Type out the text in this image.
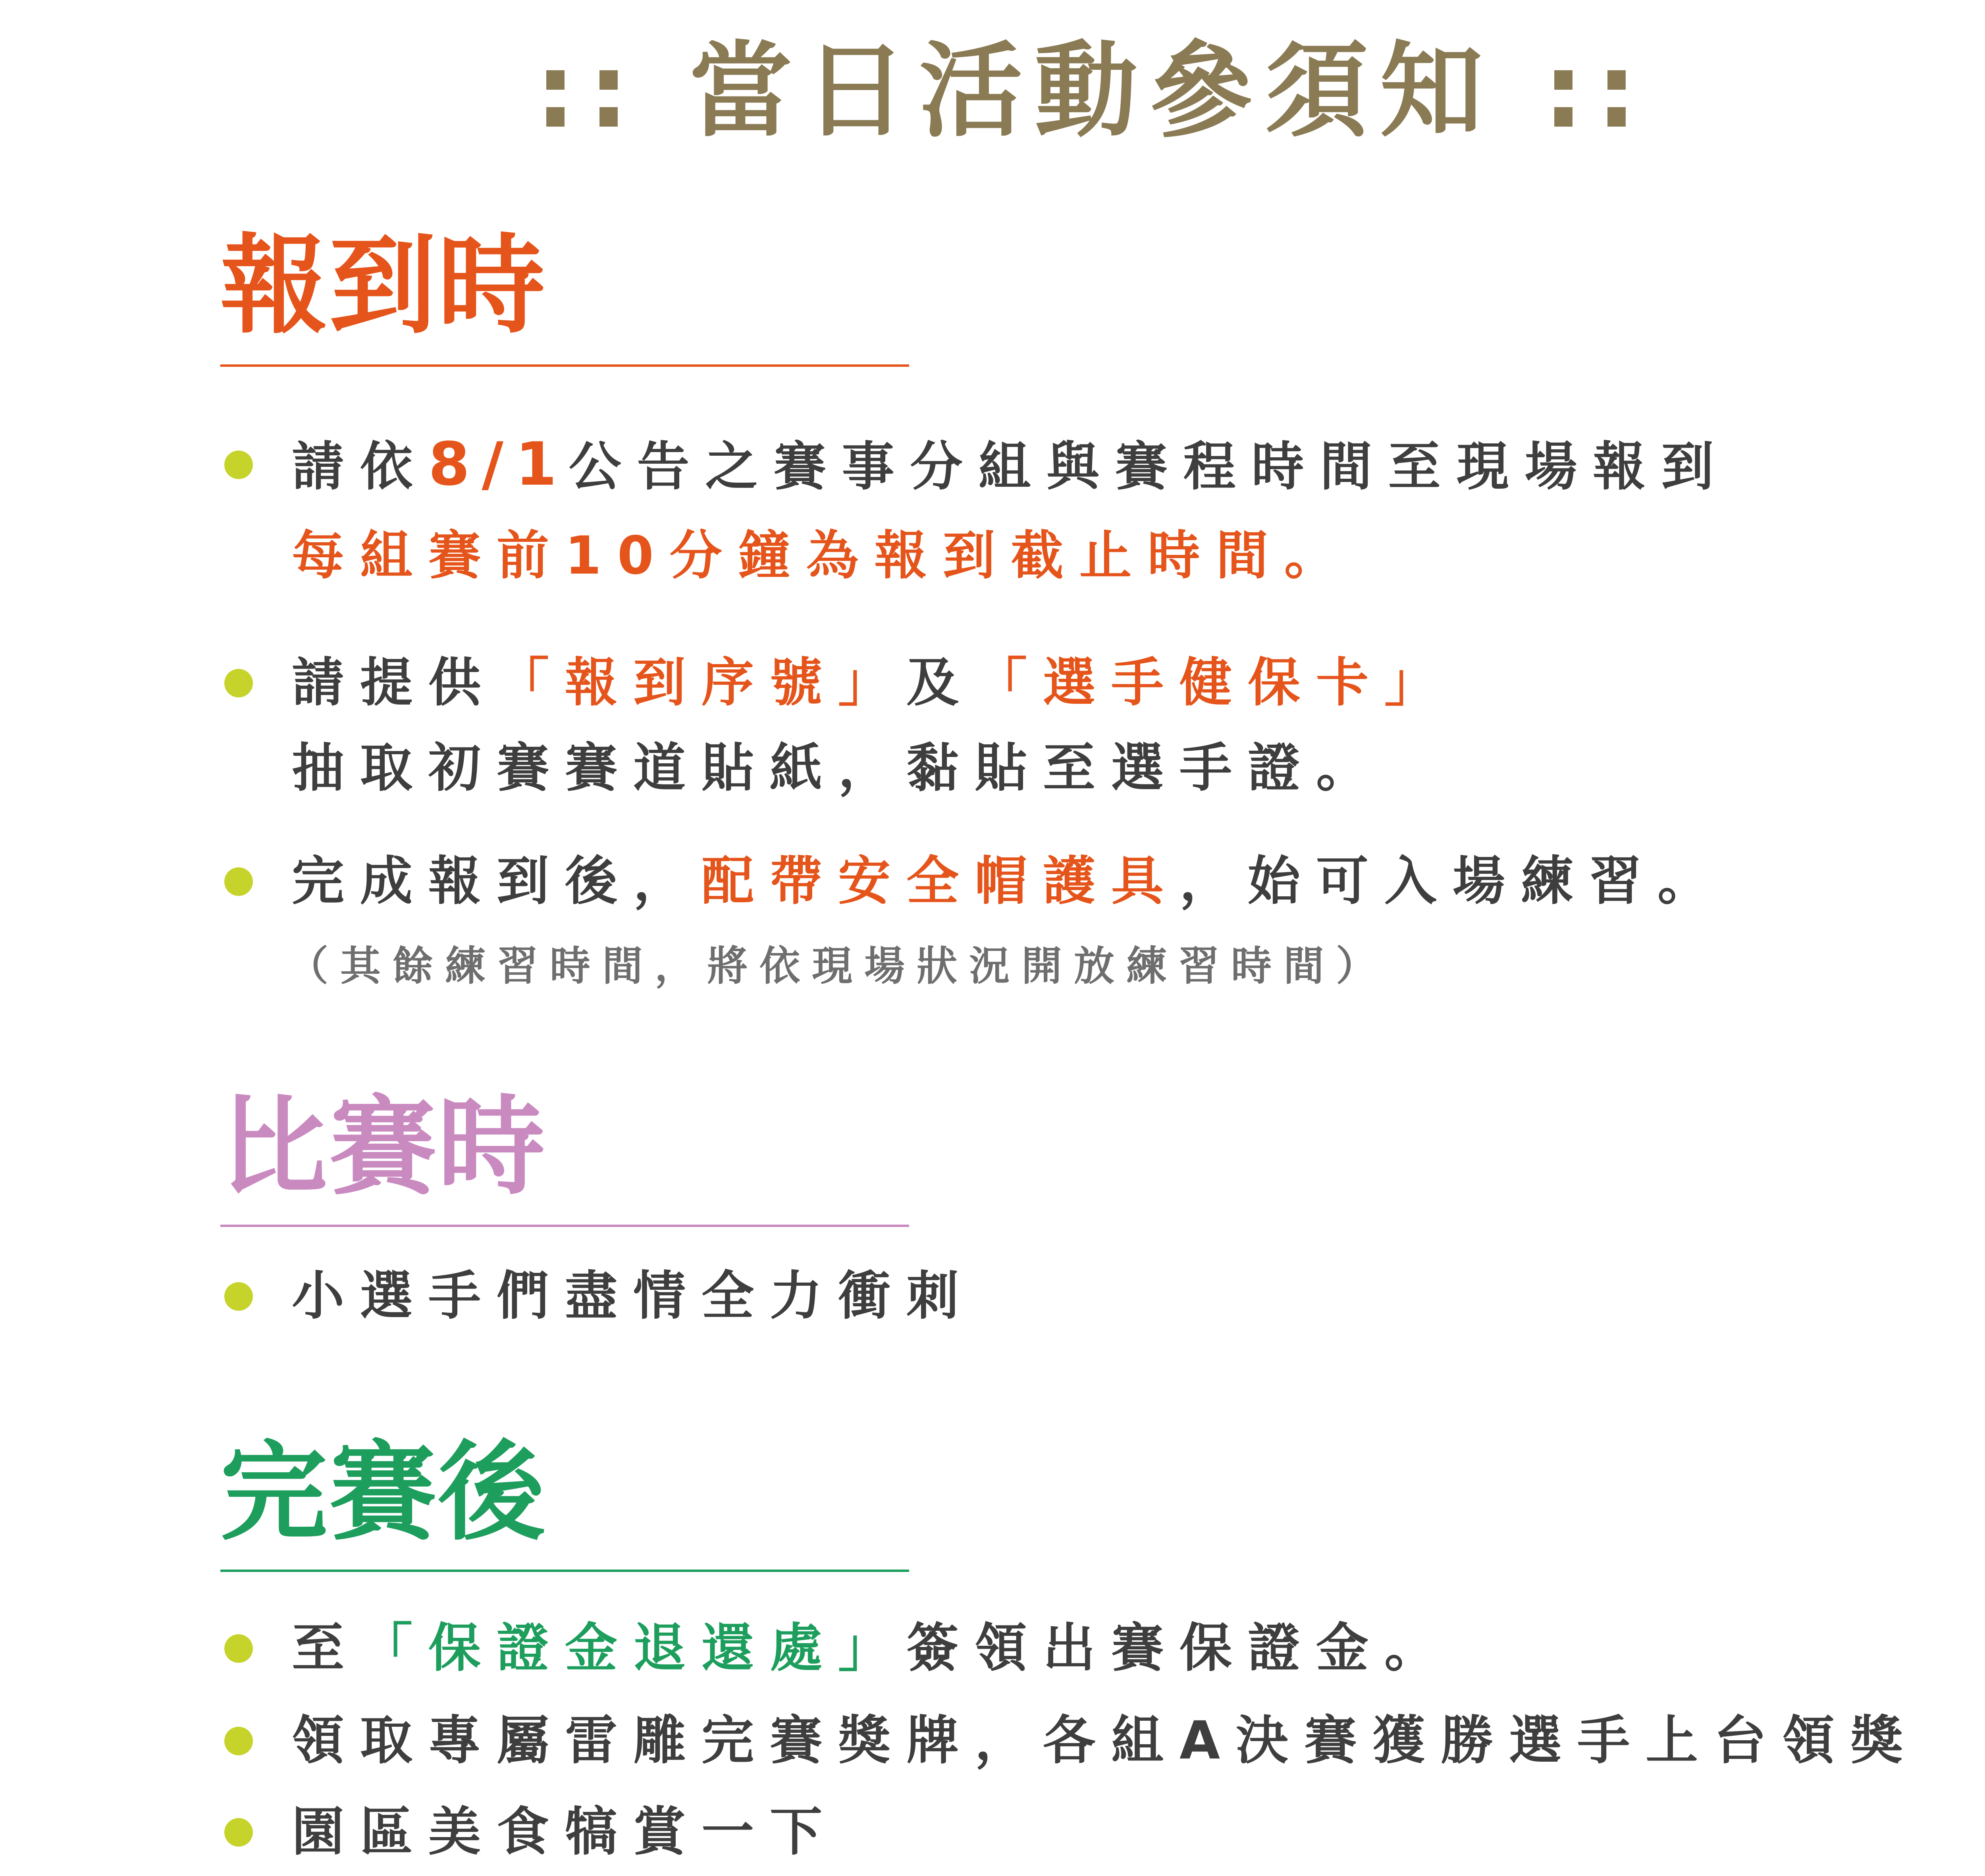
:: 當日活動參須知 ::
報到時
請依8/1公告之賽事分組與賽程時間至現場報到
每組賽前10分鐘為報到截止時間。
請提供「報到序號」及「選手健保卡」
抽取初賽賽道貼紙，黏貼至選手證。
完成報到後，配帶安全帽護具，始可入場練習。
（其餘練習時間，將依現場狀況開放練習時間）
比賽時
小選手們盡情全力衝刺
完賽後
至「保證金退還處」簽領出賽保證金。
領取專屬雷雕完賽獎牌，各組A決賽獲勝選手上台領獎
園區美食犒賞一下
